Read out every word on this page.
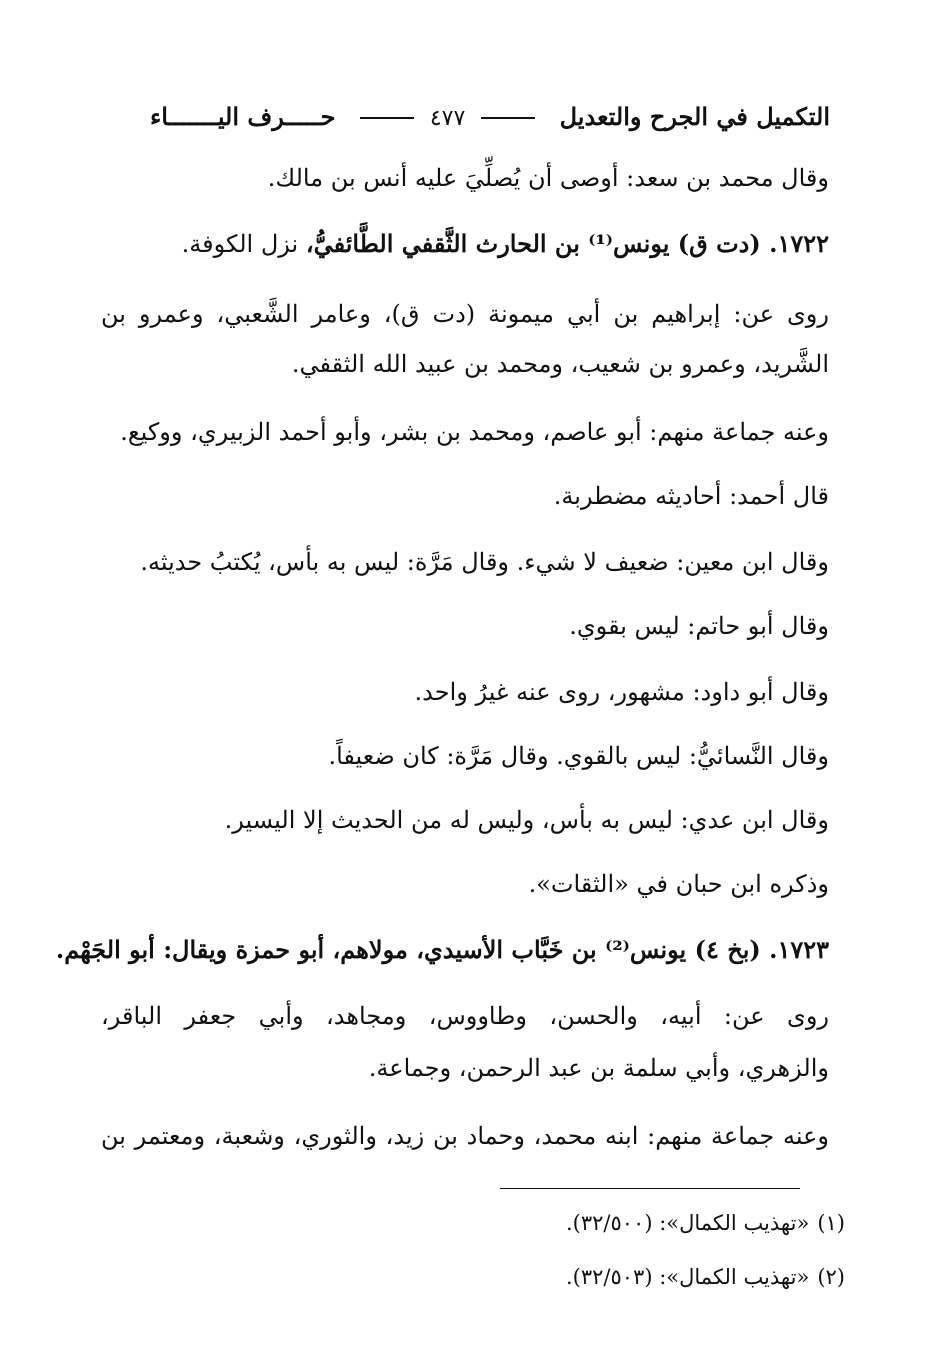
التكميل في الجرح والتعديل
٤٧٧
حـــــرف اليـــــــاء
وقال محمد بن سعد: أوصى أن يُصلِّيَ عليه أنس بن مالك.
١٧٢٢. (دت ق) يونس⁽¹⁾ بن الحارث الثَّقفي الطَّائفيُّ، نزل الكوفة.
روى عن: إبراهيم بن أبي ميمونة (دت ق)، وعامر الشَّعبي، وعمرو بن
الشَّريد، وعمرو بن شعيب، ومحمد بن عبيد الله الثقفي.
وعنه جماعة منهم: أبو عاصم، ومحمد بن بشر، وأبو أحمد الزبيري، ووكيع.
قال أحمد: أحاديثه مضطربة.
وقال ابن معين: ضعيف لا شيء. وقال مَرَّة: ليس به بأس، يُكتبُ حديثه.
وقال أبو حاتم: ليس بقوي.
وقال أبو داود: مشهور، روى عنه غيرُ واحد.
وقال النَّسائيُّ: ليس بالقوي. وقال مَرَّة: كان ضعيفاً.
وقال ابن عدي: ليس به بأس، وليس له من الحديث إلا اليسير.
وذكره ابن حبان في «الثقات».
١٧٢٣. (بخ ٤) يونس⁽²⁾ بن خَبَّاب الأسيدي، مولاهم، أبو حمزة ويقال: أبو الجَهْم.
روى عن: أبيه، والحسن، وطاووس، ومجاهد، وأبي جعفر الباقر،
والزهري، وأبي سلمة بن عبد الرحمن، وجماعة.
وعنه جماعة منهم: ابنه محمد، وحماد بن زيد، والثوري، وشعبة، ومعتمر بن
(١)«تهذيب الكمال»: (٣٢/٥٠٠).
(٢)«تهذيب الكمال»: (٣٢/٥٠٣).
